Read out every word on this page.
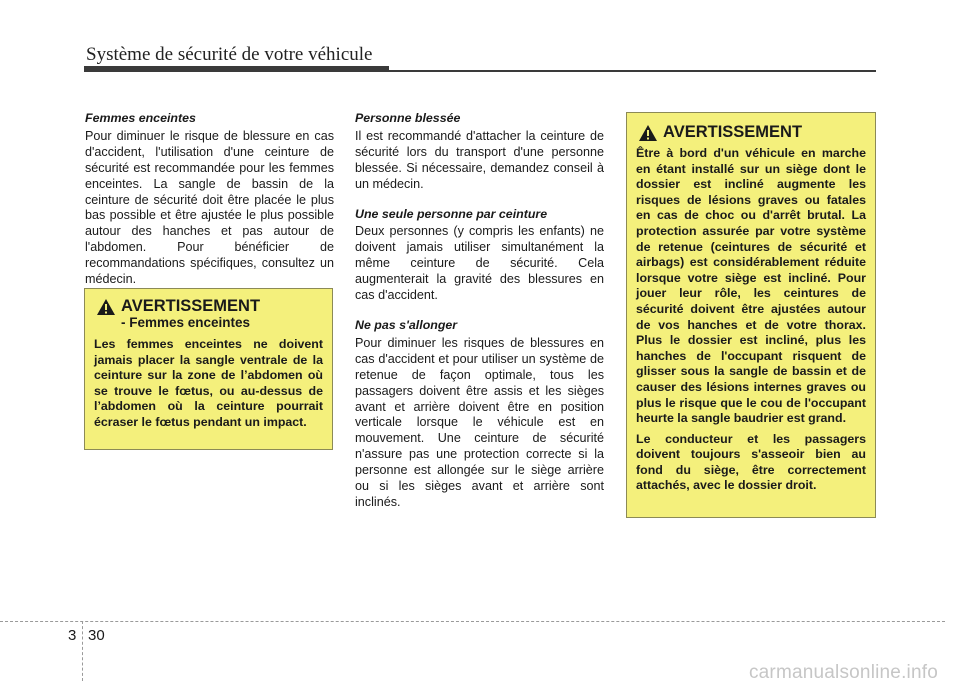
Système de sécurité de votre véhicule
Femmes enceintes

Pour diminuer le risque de blessure en cas d'accident, l'utilisation d'une ceinture de sécurité est recommandée pour les femmes enceintes. La sangle de bassin de la ceinture de sécurité doit être placée le plus bas possible et être ajustée le plus possible autour des hanches et pas autour de l'abdomen. Pour bénéficier de recommandations spécifiques, consultez un médecin.

AVERTISSEMENT
- Femmes enceintes

Les femmes enceintes ne doivent jamais placer la sangle ventrale de la ceinture sur la zone de l’abdomen où se trouve le fœtus, ou au-dessus de l’abdomen où la ceinture pourrait écraser le fœtus pendant un impact.

Personne blessée

Il est recommandé d'attacher la ceinture de sécurité lors du transport d'une personne blessée. Si nécessaire, demandez conseil à un médecin.

Une seule personne par ceinture

Deux personnes (y compris les enfants) ne doivent jamais utiliser simultanément la même ceinture de sécurité. Cela augmenterait la gravité des blessures en cas d'accident.

Ne pas s'allonger

Pour diminuer les risques de blessures en cas d'accident et pour utiliser un système de retenue de façon optimale, tous les passagers doivent être assis et les sièges avant et arrière doivent être en position verticale lorsque le véhicule est en mouvement. Une ceinture de sécurité n'assure pas une protection correcte si la personne est allongée sur le siège arrière ou si les sièges avant et arrière sont inclinés.

AVERTISSEMENT

Être à bord d'un véhicule en marche en étant installé sur un siège dont le dossier est incliné augmente les risques de lésions graves ou fatales en cas de choc ou d'arrêt brutal. La protection assurée par votre système de retenue (ceintures de sécurité et airbags) est considérablement réduite lorsque votre siège est incliné. Pour jouer leur rôle, les ceintures de sécurité doivent être ajustées autour de vos hanches et de votre thorax. Plus le dossier est incliné, plus les hanches de l'occupant risquent de glisser sous la sangle de bassin et de causer des lésions internes graves ou plus le risque que le cou de l'occupant heurte la sangle baudrier est grand.

Le conducteur et les passagers doivent toujours s'asseoir bien au fond du siège, être correctement attachés, avec le dossier droit.

3 30
carmanualsonline.info
